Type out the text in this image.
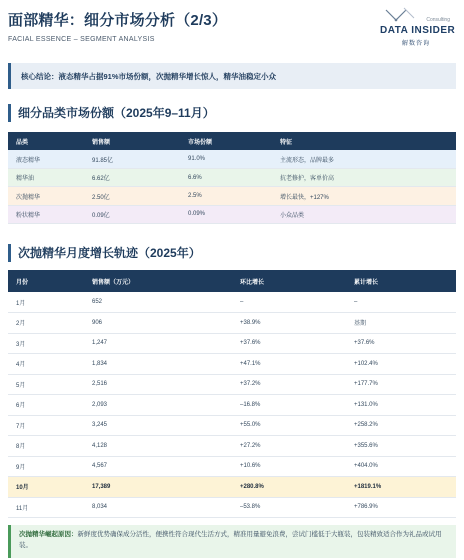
面部精华：细分市场分析（2/3）
FACIAL ESSENCE – SEGMENT ANALYSIS
Consulting
DATA INSIDER
解数咨询
核心结论：液态精华占据91%市场份额，次抛精华增长惊人，精华油稳定小众
细分品类市场份额（2025年9–11月）
品类	销售额	市场份额	特征
液态精华	91.85亿	91.0%	主流形态，品牌最多
精华油	6.62亿	6.6%	抗老修护，客单价高
次抛精华	2.50亿	2.5%	增长最快，+127%
粉状精华	0.09亿	0.09%	小众品类
次抛精华月度增长轨迹（2025年）
月份	销售额（万元）	环比增长	累计增长
1月	652	–	–
2月	906	+38.9%	基期
3月	1,247	+37.6%	+37.6%
4月	1,834	+47.1%	+102.4%
5月	2,516	+37.2%	+177.7%
6月	2,093	–16.8%	+131.0%
7月	3,245	+55.0%	+258.2%
8月	4,128	+27.2%	+355.6%
9月	4,567	+10.6%	+404.0%
10月	17,389	+280.8%	+1819.1%
11月	8,034	–53.8%	+786.9%
次抛精华崛起原因：新鲜度优势确保成分活性，便携性符合现代生活方式，精准用量避免浪费，尝试门槛低于大瓶装，包装精致适合作为礼品或试用装。
